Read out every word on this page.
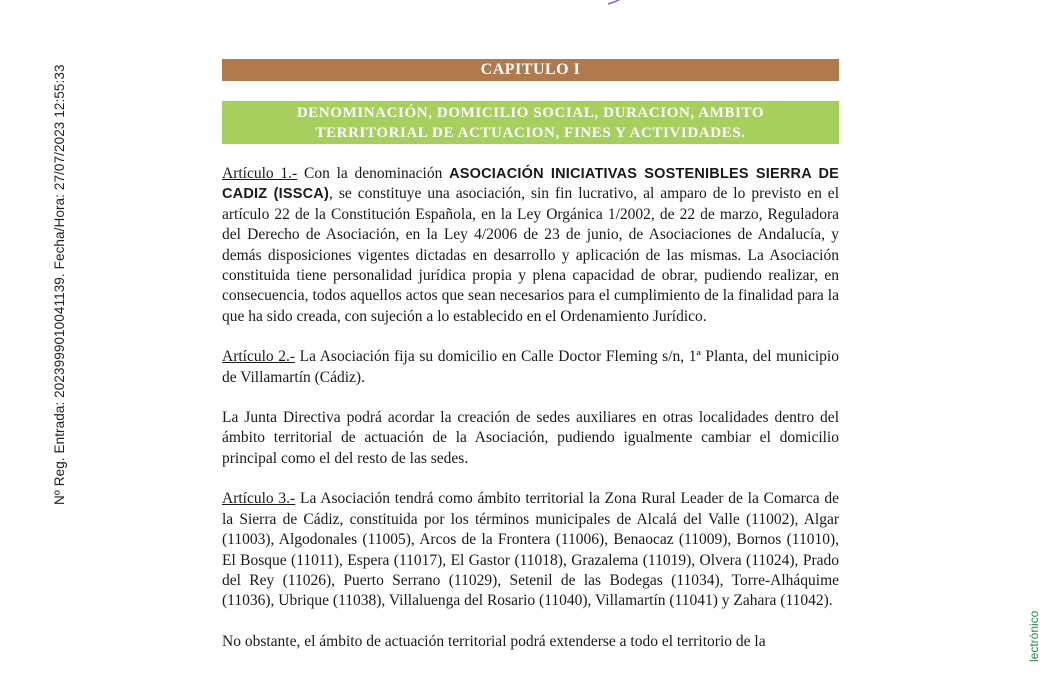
Nº Reg. Entrada: 202399901004113​9. Fecha/Hora: 27/07/2023 12:55:33
lectrónico
CAPITULO I
DENOMINACIÓN, DOMICILIO SOCIAL, DURACION, AMBITO
TERRITORIAL DE ACTUACION, FINES Y ACTIVIDADES.

Artículo 1.- Con la denominación ASOCIACIÓN INICIATIVAS SOSTENIBLES SIERRA DE CADIZ (ISSCA), se constituye una asociación, sin fin lucrativo, al amparo de lo previsto en el artículo 22 de la Constitución Española, en la Ley Orgánica 1/2002, de 22 de marzo, Reguladora del Derecho de Asociación, en la Ley 4/2006 de 23 de junio, de Asociaciones de Andalucía, y demás disposiciones vigentes dictadas en desarrollo y aplicación de las mismas. La Asociación constituida tiene personalidad jurídica propia y plena capacidad de obrar, pudiendo realizar, en consecuencia, todos aquellos actos que sean necesarios para el cumplimiento de la finalidad para la que ha sido creada, con sujeción a lo establecido en el Ordenamiento Jurídico.

Artículo 2.- La Asociación fija su domicilio en Calle Doctor Fleming s/n, 1ª Planta, del municipio de Villamartín (Cádiz).

La Junta Directiva podrá acordar la creación de sedes auxiliares en otras localidades dentro del ámbito territorial de actuación de la Asociación, pudiendo igualmente cambiar el domicilio principal como el del resto de las sedes.

Artículo 3.- La Asociación tendrá como ámbito territorial la Zona Rural Leader de la Comarca de la Sierra de Cádiz, constituida por los términos municipales de Alcalá del Valle (11002), Algar (11003), Algodonales (11005), Arcos de la Frontera (11006), Benaocaz (11009), Bornos (11010), El Bosque (11011), Espera (11017), El Gastor (11018), Grazalema (11019), Olvera (11024), Prado del Rey (11026), Puerto Serrano (11029), Setenil de las Bodegas (11034), Torre-Alháquime (11036), Ubrique (11038), Villaluenga del Rosario (11040), Villamartín (11041) y Zahara (11042).

No obstante, el ámbito de actuación territorial podrá extenderse a todo el territorio de la
